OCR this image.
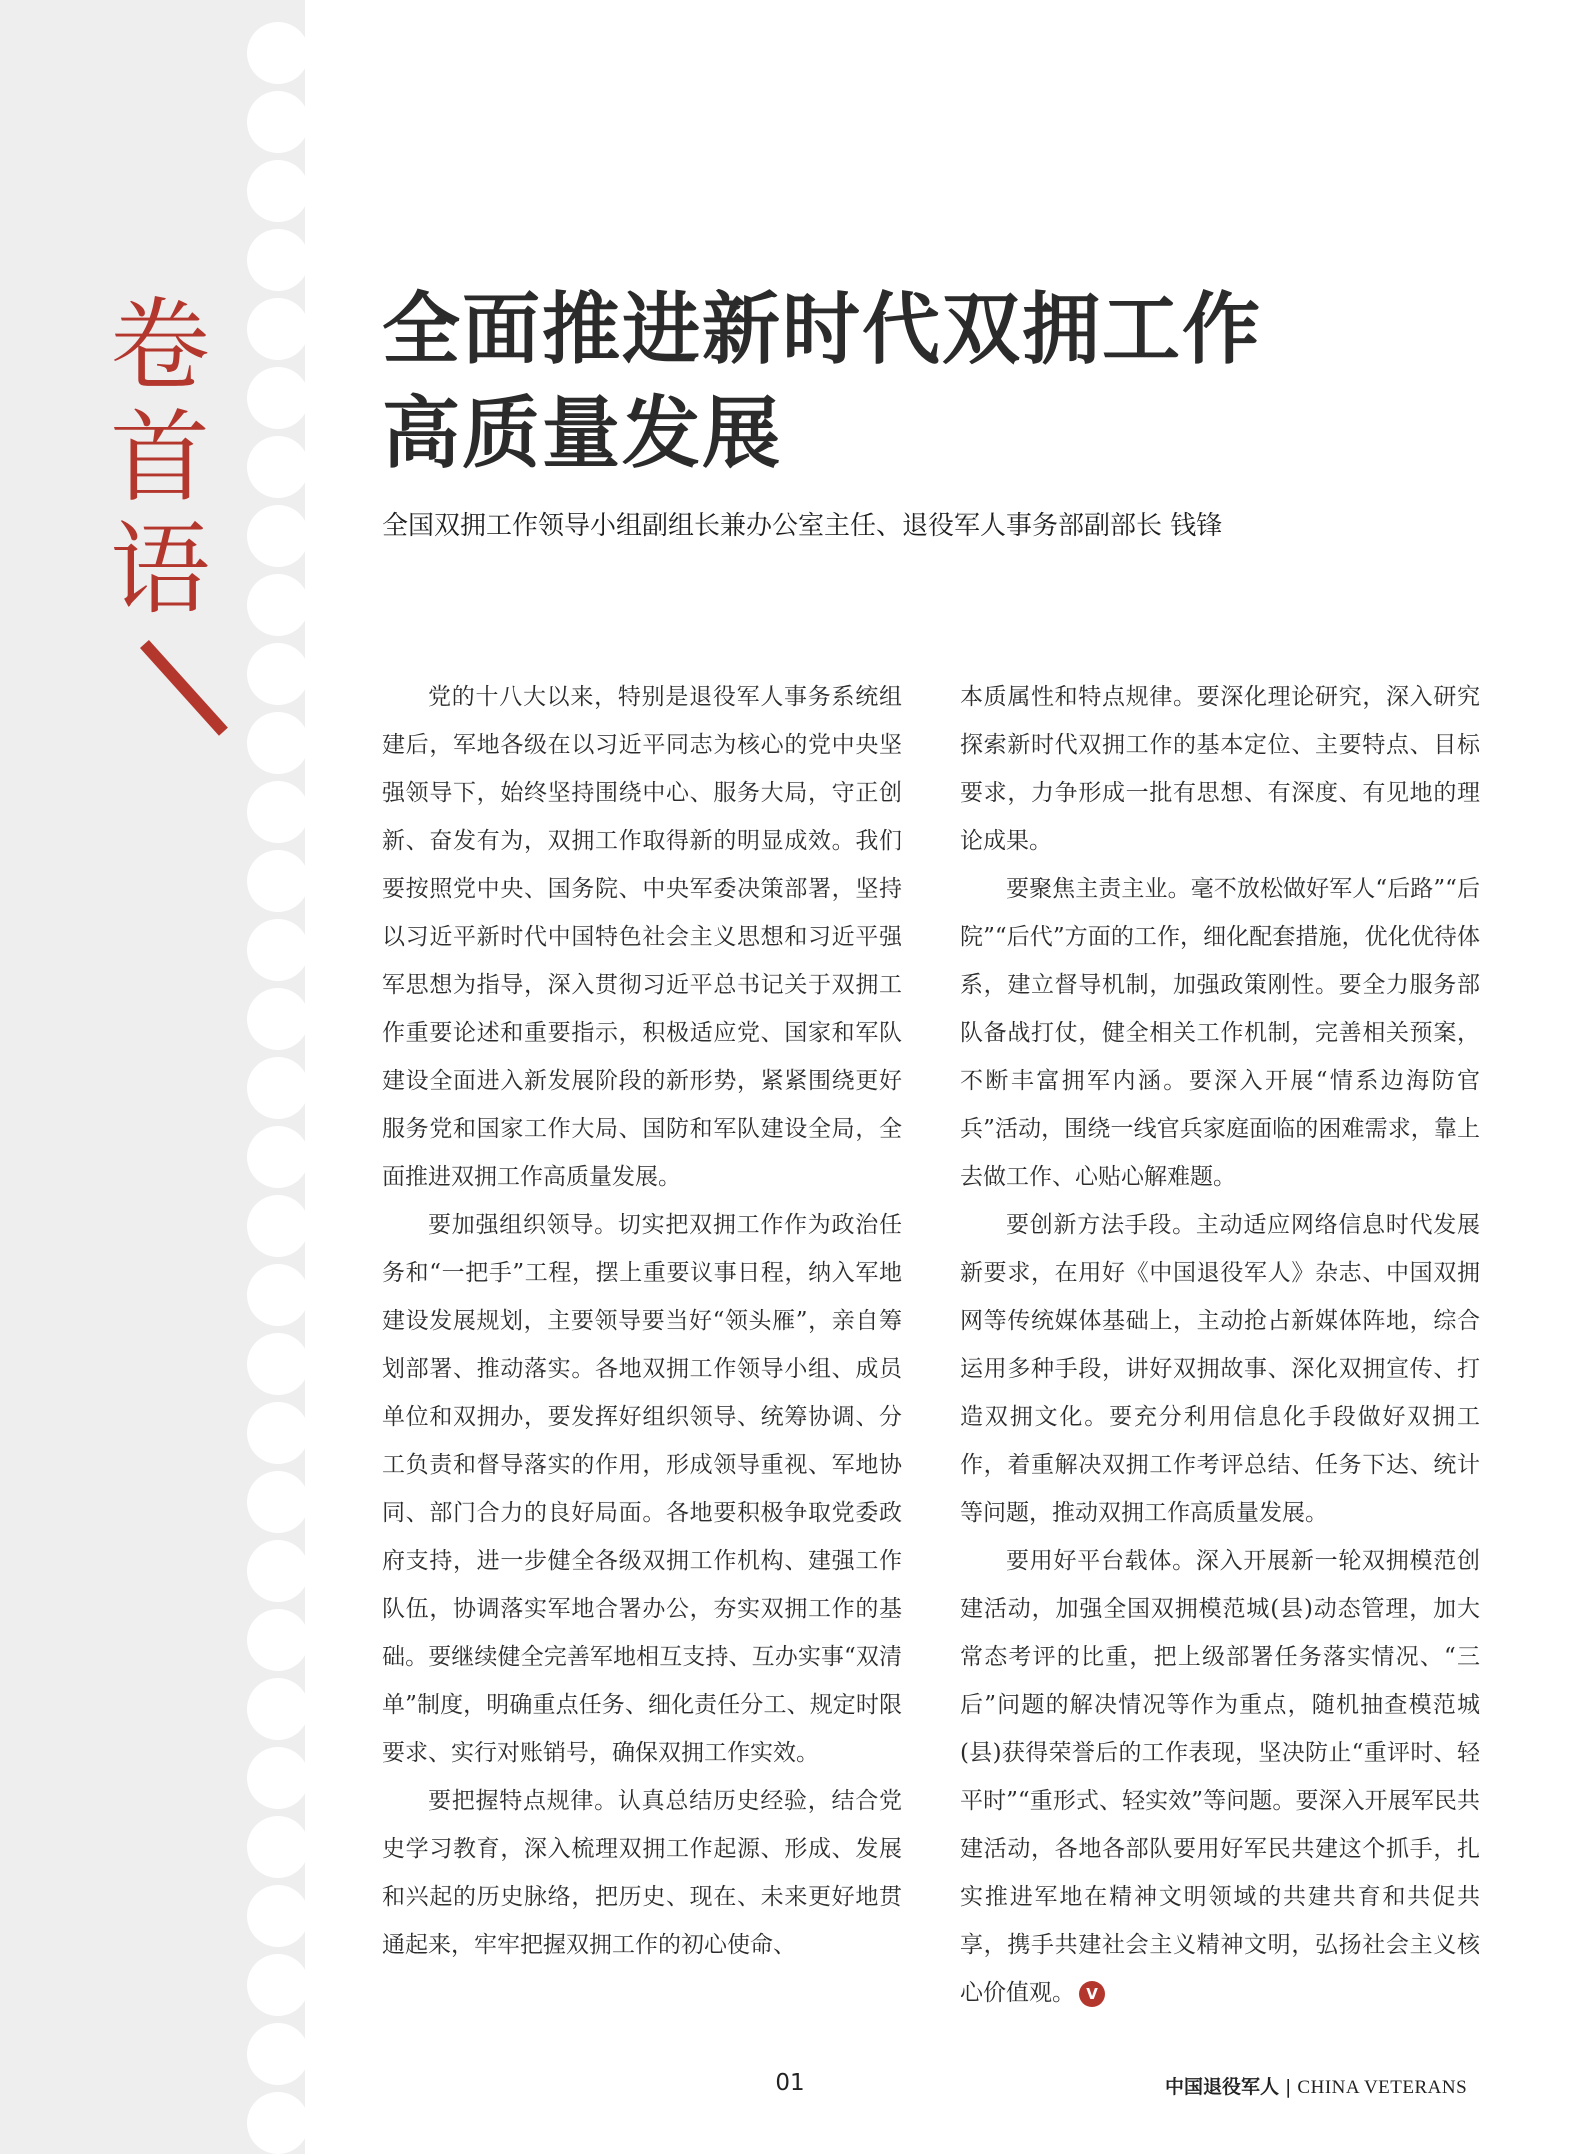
卷
首
语
全面推进新时代双拥工作
高质量发展
全国双拥工作领导小组副组长兼办公室主任、退役军人事务部副部长 钱锋

党的十八大以来，特别是退役军人事务系统组建后，军地各级在以习近平同志为核心的党中央坚强领导下，始终坚持围绕中心、服务大局，守正创新、奋发有为，双拥工作取得新的明显成效。我们要按照党中央、国务院、中央军委决策部署，坚持以习近平新时代中国特色社会主义思想和习近平强军思想为指导，深入贯彻习近平总书记关于双拥工作重要论述和重要指示，积极适应党、国家和军队建设全面进入新发展阶段的新形势，紧紧围绕更好服务党和国家工作大局、国防和军队建设全局，全面推进双拥工作高质量发展。

要加强组织领导。切实把双拥工作作为政治任务和“一把手”工程，摆上重要议事日程，纳入军地建设发展规划，主要领导要当好“领头雁”，亲自筹划部署、推动落实。各地双拥工作领导小组、成员单位和双拥办，要发挥好组织领导、统筹协调、分工负责和督导落实的作用，形成领导重视、军地协同、部门合力的良好局面。各地要积极争取党委政府支持，进一步健全各级双拥工作机构、建强工作队伍，协调落实军地合署办公，夯实双拥工作的基础。要继续健全完善军地相互支持、互办实事“双清单”制度，明确重点任务、细化责任分工、规定时限要求、实行对账销号，确保双拥工作实效。

要把握特点规律。认真总结历史经验，结合党史学习教育，深入梳理双拥工作起源、形成、发展和兴起的历史脉络，把历史、现在、未来更好地贯通起来，牢牢把握双拥工作的初心使命、

本质属性和特点规律。要深化理论研究，深入研究探索新时代双拥工作的基本定位、主要特点、目标要求，力争形成一批有思想、有深度、有见地的理论成果。

要聚焦主责主业。毫不放松做好军人“后路”“后院”“后代”方面的工作，细化配套措施，优化优待体系，建立督导机制，加强政策刚性。要全力服务部队备战打仗，健全相关工作机制，完善相关预案，不断丰富拥军内涵。要深入开展“情系边海防官兵”活动，围绕一线官兵家庭面临的困难需求，靠上去做工作、心贴心解难题。

要创新方法手段。主动适应网络信息时代发展新要求，在用好《中国退役军人》杂志、中国双拥网等传统媒体基础上，主动抢占新媒体阵地，综合运用多种手段，讲好双拥故事、深化双拥宣传、打造双拥文化。要充分利用信息化手段做好双拥工作，着重解决双拥工作考评总结、任务下达、统计等问题，推动双拥工作高质量发展。

要用好平台载体。深入开展新一轮双拥模范创建活动，加强全国双拥模范城(县)动态管理，加大常态考评的比重，把上级部署任务落实情况、“三后”问题的解决情况等作为重点，随机抽查模范城(县)获得荣誉后的工作表现，坚决防止“重评时、轻平时”“重形式、轻实效”等问题。要深入开展军民共建活动，各地各部队要用好军民共建这个抓手，扎实推进军地在精神文明领域的共建共育和共促共享，携手共建社会主义精神文明，弘扬社会主义核心价值观。 V

01	中国退役军人 | CHINA VETERANS
